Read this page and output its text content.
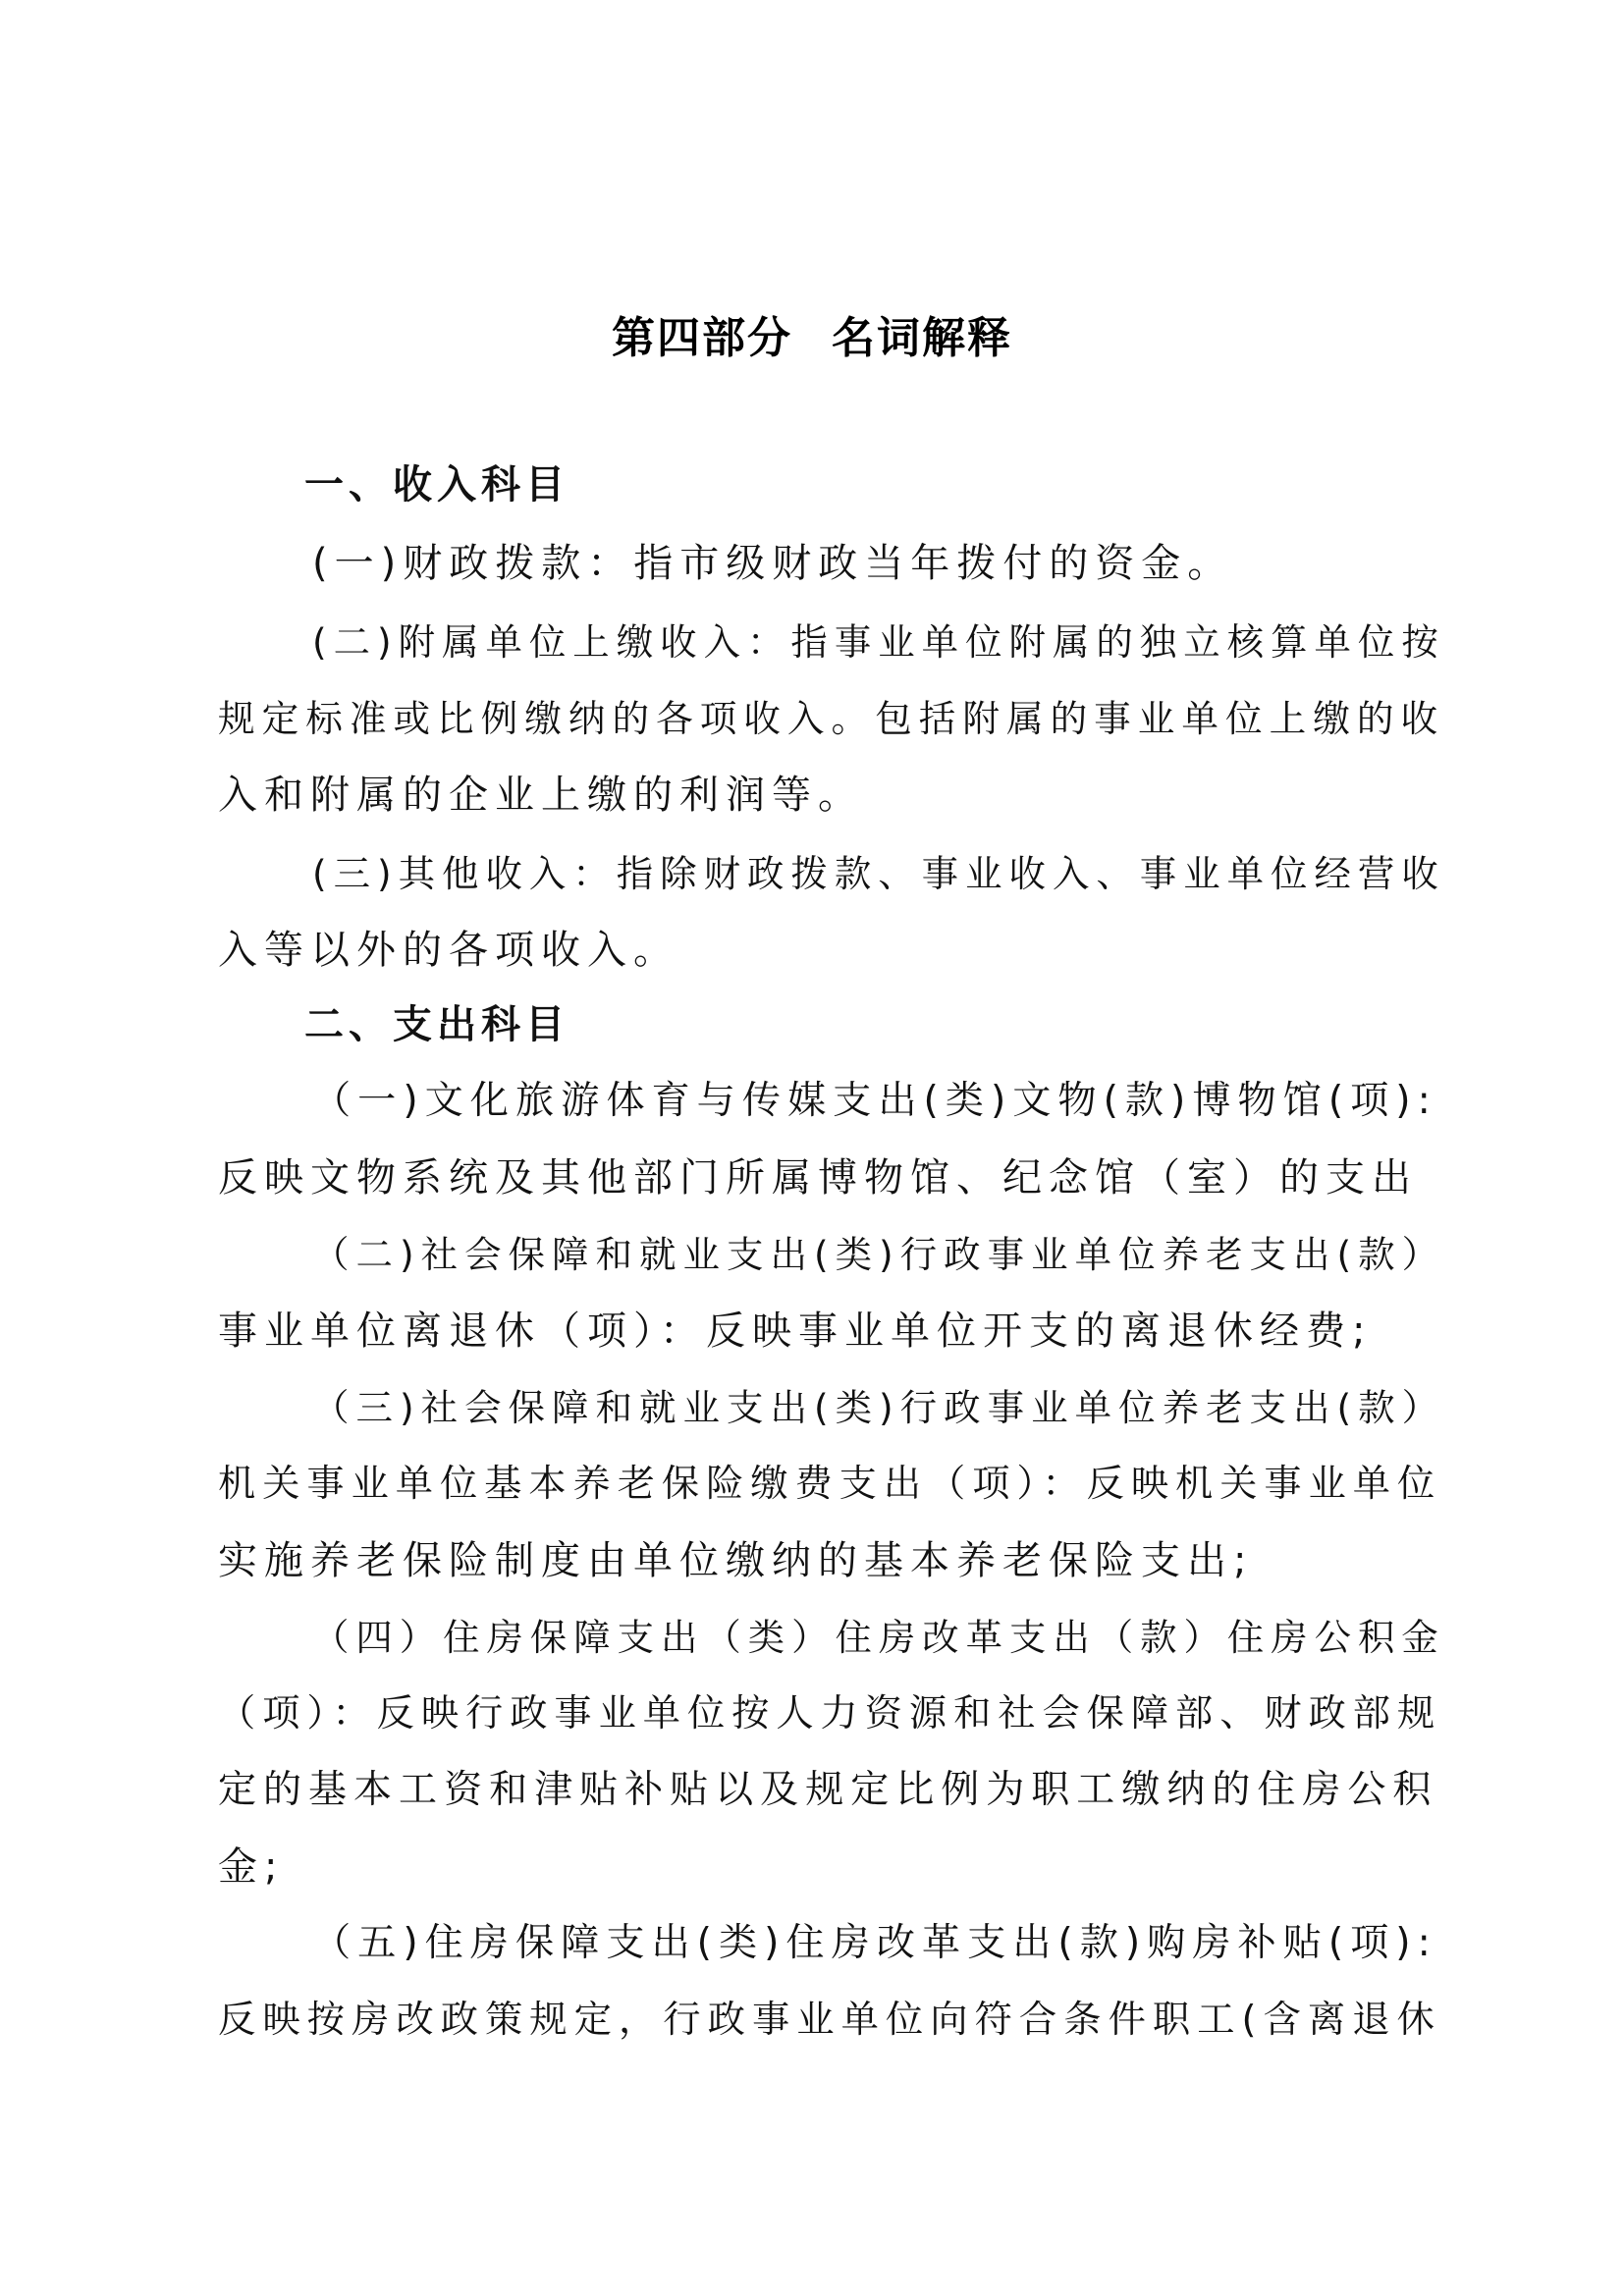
第四部分 名词解释
一、收入科目
(一)财政拨款：指市级财政当年拨付的资金。
(二)附属单位上缴收入：指事业单位附属的独立核算单位按
规定标准或比例缴纳的各项收入。包括附属的事业单位上缴的收
入和附属的企业上缴的利润等。
(三)其他收入：指除财政拨款、事业收入、事业单位经营收
入等以外的各项收入。
二、支出科目
（一)文化旅游体育与传媒支出(类)文物(款)博物馆(项):
反映文物系统及其他部门所属博物馆、纪念馆（室）的支出
（二)社会保障和就业支出(类)行政事业单位养老支出(款）
事业单位离退休（项）：反映事业单位开支的离退休经费;
（三)社会保障和就业支出(类)行政事业单位养老支出(款）
机关事业单位基本养老保险缴费支出（项）：反映机关事业单位
实施养老保险制度由单位缴纳的基本养老保险支出;
（四）住房保障支出（类）住房改革支出（款）住房公积金
（项）：反映行政事业单位按人力资源和社会保障部、财政部规
定的基本工资和津贴补贴以及规定比例为职工缴纳的住房公积
金;
（五)住房保障支出(类)住房改革支出(款)购房补贴(项):
反映按房改政策规定，行政事业单位向符合条件职工(含离退休
